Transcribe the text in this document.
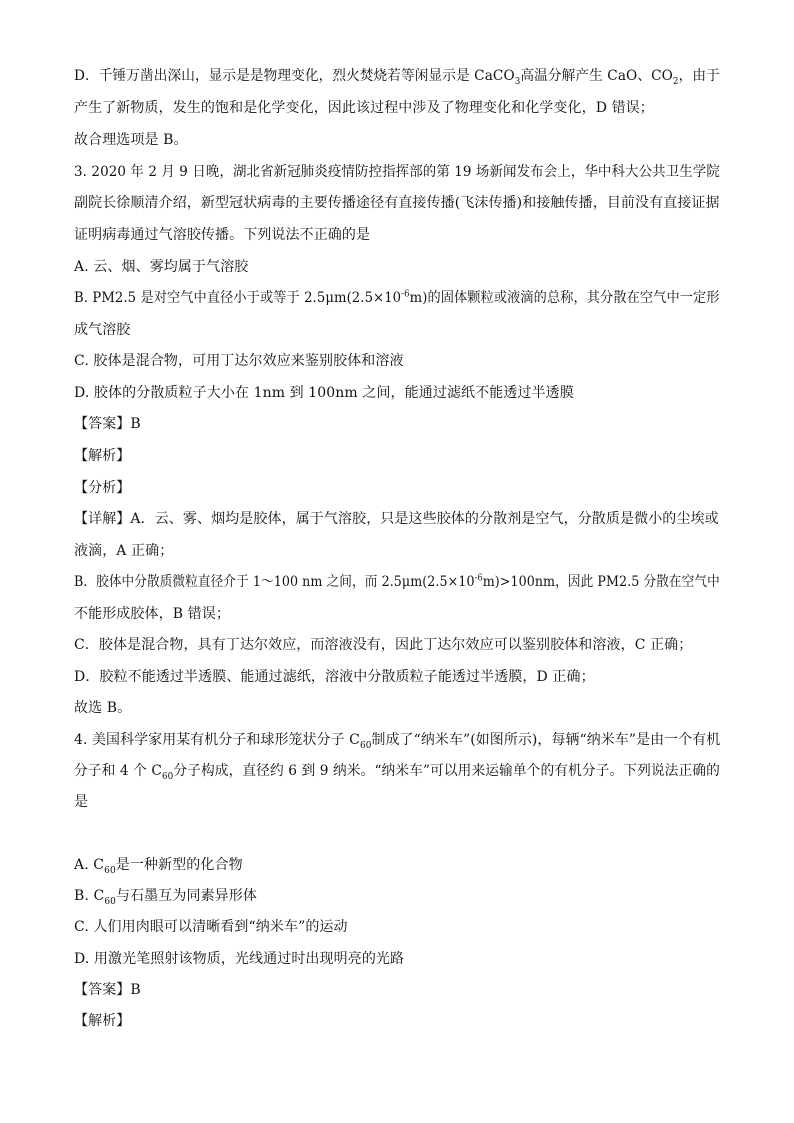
D．千锤万凿出深山，显示是是物理变化，烈火焚烧若等闲显示是 CaCO$_3$高温分解产生 CaO、$CO_2$，由于
产生了新物质，发生的饱和是化学变化，因此该过程中涉及了物理变化和化学变化，D 错误；
故合理选项是 B。
3. 2020 年 2 月 9 日晚，湖北省新冠肺炎疫情防控指挥部的第 19 场新闻发布会上，华中科大公共卫生学院
副院长徐顺清介绍，新型冠状病毒的主要传播途径有直接传播(飞沫传播)和接触传播，目前没有直接证据
证明病毒通过气溶胶传播。下列说法不正确的是
A. 云、烟、雾均属于气溶胶
B. PM2.5 是对空气中直径小于或等于 $2.5\mu m(2.5\times 10^{-6}m)$的固体颗粒或液滴的总称，其分散在空气中一定形
成气溶胶
C. 胶体是混合物，可用丁达尔效应来鉴别胶体和溶液
D. 胶体的分散质粒子大小在 1nm 到 100nm 之间，能通过滤纸不能透过半透膜
【答案】B
【解析】
【分析】
【详解】A．云、雾、烟均是胶体，属于气溶胶，只是这些胶体的分散剂是空气，分散质是微小的尘埃或
液滴，A 正确；
B．胶体中分散质微粒直径介于 1～100 nm 之间，而 $2.5\mu m(2.5\times 10^{-6}m)>100nm$，因此 PM2.5 分散在空气中
不能形成胶体，B 错误；
C．胶体是混合物，具有丁达尔效应，而溶液没有，因此丁达尔效应可以鉴别胶体和溶液，C 正确；
D．胶粒不能透过半透膜、能通过滤纸，溶液中分散质粒子能透过半透膜，D 正确；
故选 B。
4. 美国科学家用某有机分子和球形笼状分子 $C_{60}$制成了“纳米车”(如图所示)，每辆“纳米车”是由一个有机
分子和 4 个 $C_{60}$分子构成，直径约 6 到 9 纳米。“纳米车”可以用来运输单个的有机分子。下列说法正确的
是
A. $C_{60}$是一种新型的化合物
B. $C_{60}$与石墨互为同素异形体
C. 人们用肉眼可以清晰看到“纳米车”的运动
D. 用激光笔照射该物质，光线通过时出现明亮的光路
【答案】B
【解析】
